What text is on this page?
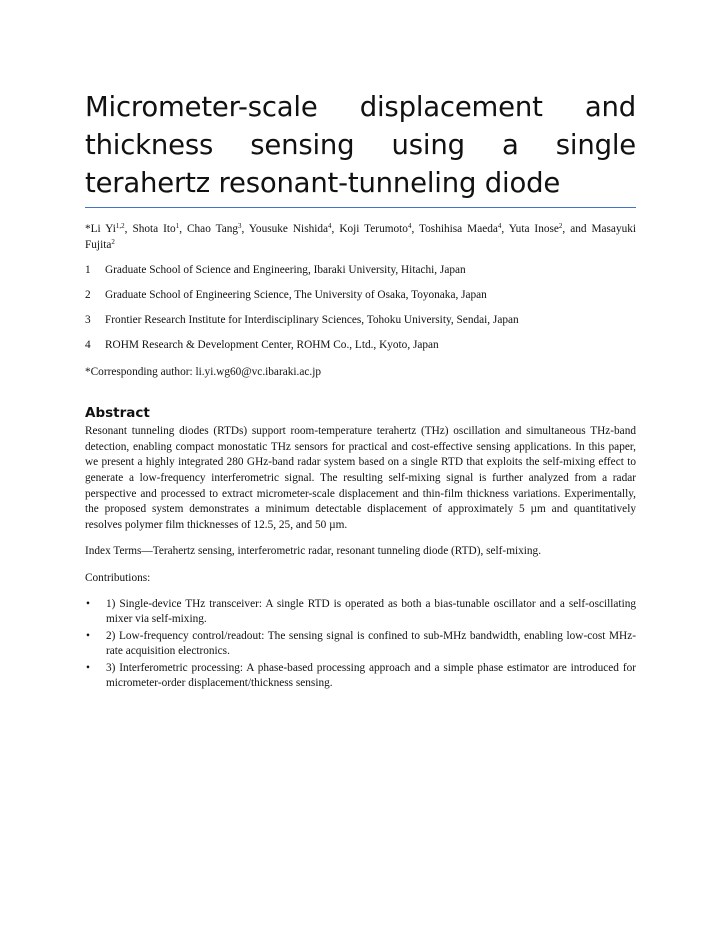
Micrometer-scale displacement and thickness sensing using a single terahertz resonant-tunneling diode
*Li Yi$^{1,2}$, Shota Ito$^1$, Chao Tang$^3$, Yousuke Nishida$^4$, Koji Terumoto$^4$, Toshihisa Maeda$^4$, Yuta Inose$^2$, and Masayuki Fujita$^2$
1	Graduate School of Science and Engineering, Ibaraki University, Hitachi, Japan
2	Graduate School of Engineering Science, The University of Osaka, Toyonaka, Japan
3	Frontier Research Institute for Interdisciplinary Sciences, Tohoku University, Sendai, Japan
4	ROHM Research & Development Center, ROHM Co., Ltd., Kyoto, Japan
*Corresponding author: li.yi.wg60@vc.ibaraki.ac.jp
Abstract
Resonant tunneling diodes (RTDs) support room-temperature terahertz (THz) oscillation and simultaneous THz-band detection, enabling compact monostatic THz sensors for practical and cost-effective sensing applications. In this paper, we present a highly integrated 280 GHz-band radar system based on a single RTD that exploits the self-mixing effect to generate a low-frequency interferometric signal. The resulting self-mixing signal is further analyzed from a radar perspective and processed to extract micrometer-scale displacement and thin-film thickness variations. Experimentally, the proposed system demonstrates a minimum detectable displacement of approximately 5 µm and quantitatively resolves polymer film thicknesses of 12.5, 25, and 50 µm.
Index Terms—Terahertz sensing, interferometric radar, resonant tunneling diode (RTD), self-mixing.
Contributions:
• 1) Single-device THz transceiver: A single RTD is operated as both a bias-tunable oscillator and a self-oscillating mixer via self-mixing.
• 2) Low-frequency control/readout: The sensing signal is confined to sub-MHz bandwidth, enabling low-cost MHz-rate acquisition electronics.
• 3) Interferometric processing: A phase-based processing approach and a simple phase estimator are introduced for micrometer-order displacement/thickness sensing.
